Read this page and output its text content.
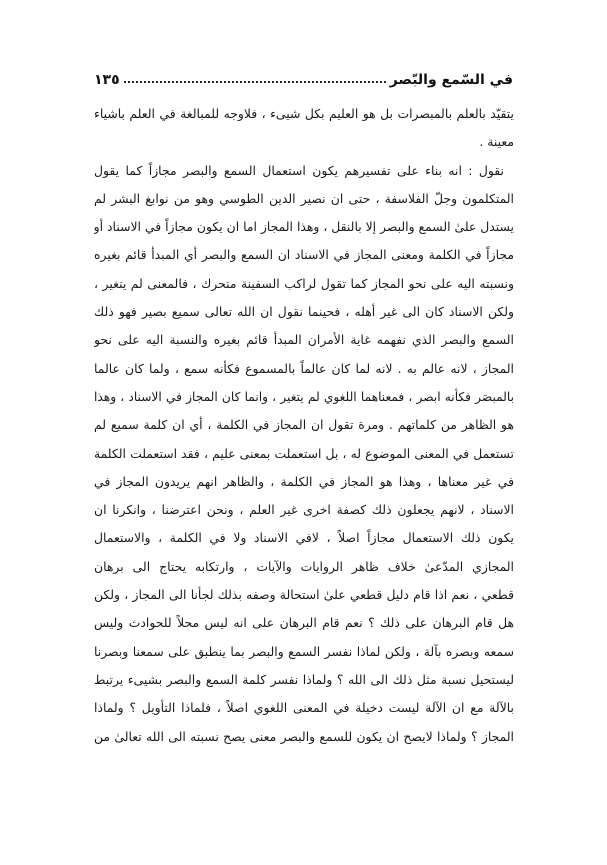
في السّمع والبّصر
١٣٥
يتقيّد بالعلم بالمبصرات بل هو العليم بكل شيىء ، فلاوجه للمبالغة في العلم باشياء
معينة .
نقول : انه بناء على تفسيرهم يكون استعمال السمع والبصر مجازاً كما يقول
المتكلمون وجلّ الفلاسفة ، حتى ان نصير الدين الطوسي وهو من نوابغ البشر لم
يستدل علىٰ السمع والبصر إلا بالنقل ، وهذا المجاز اما ان يكون مجازاً في الاسناد أو
مجازاً في الكلمة ومعنى المجاز في الاسناد ان السمع والبصر أي المبدأ قائم بغيره
ونسبته اليه على نحو المجاز كما تقول لراكب السفينة متحرك ، فالمعنى لم يتغير ،
ولكن الاسناد كان الى غير أهله ، فحينما نقول ان الله تعالى سميع بصير فهو ذلك
السمع والبصر الذي نفهمه غاية الأمران المبدأ قائم بغيره والنسبة اليه على نحو
المجاز ، لانه عالم به . لانه لما كان عالماً بالمسموع فكأنه سمع ، ولما كان عالما
بالمبصَر فكأنه ابصر ، فمعناهما اللغوي لم يتغير ، وانما كان المجاز في الاسناد ، وهذا
هو الظاهر من كلماتهم . ومرة تقول ان المجاز في الكلمة ، أي ان كلمة سميع لم
تستعمل في المعنى الموضوع له ، بل استعملت بمعنى عليم ، فقد استعملت الكلمة
في غير معناها ، وهذا هو المجاز في الكلمة ، والظاهر انهم يريدون المجاز في
الاسناد ، لانهم يجعلون ذلك كصفة اخرى غير العلم ، ونحن اعترضنا ، وانكرنا ان
يكون ذلك الاستعمال مجازاً اصلاً ، لافي الاسناد ولا في الكلمة ، والاستعمال
المجازي المدّعىٰ خلاف ظاهر الروايات والآيات ، وارتكابه يحتاج الى برهان
قطعي ، نعم اذا قام دليل قطعي علىٰ استحالة وصفه بذلك لجأنا الى المجاز ، ولكن
هل قام البرهان على ذلك ؟ نعم قام البرهان على انه ليس محلاً للحوادث وليس
سمعه وبصره بآلة ، ولكن لماذا نفسر السمع والبصر بما ينطبق على سمعنا وبصرنا
ليستحيل نسبة مثل ذلك الى الله ؟ ولماذا نفسر كلمة السمع والبصر بشيىء يرتبط
بالآلة مع ان الآلة ليست دخيلة في المعنى اللغوي اصلاً ، فلماذا التأويل ؟ ولماذا
المجاز ؟ ولماذا لايصح ان يكون للسمع والبصر معنى يصح نسبته الى الله تعالىٰ من
